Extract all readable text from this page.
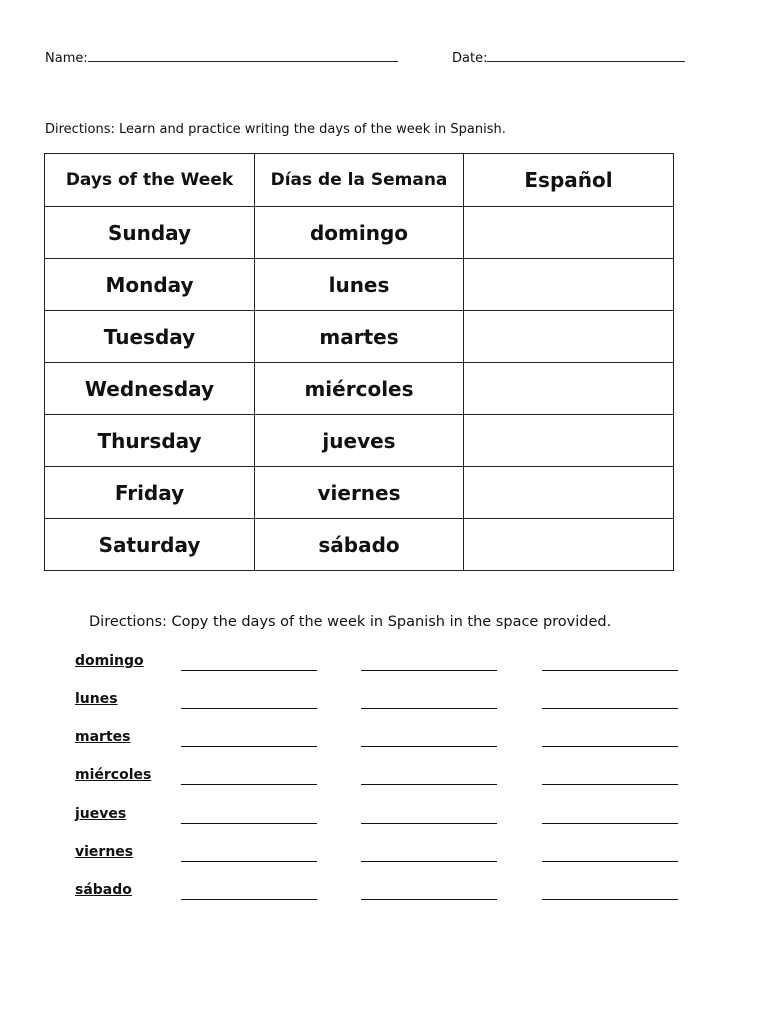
Name:	Date:
Directions: Learn and practice writing the days of the week in Spanish.
Days of the Week	Días de la Semana	Español
Sunday	domingo	
Monday	lunes	
Tuesday	martes	
Wednesday	miércoles	
Thursday	jueves	
Friday	viernes	
Saturday	sábado	
Directions: Copy the days of the week in Spanish in the space provided.
domingo
lunes
martes
miércoles
jueves
viernes
sábado
